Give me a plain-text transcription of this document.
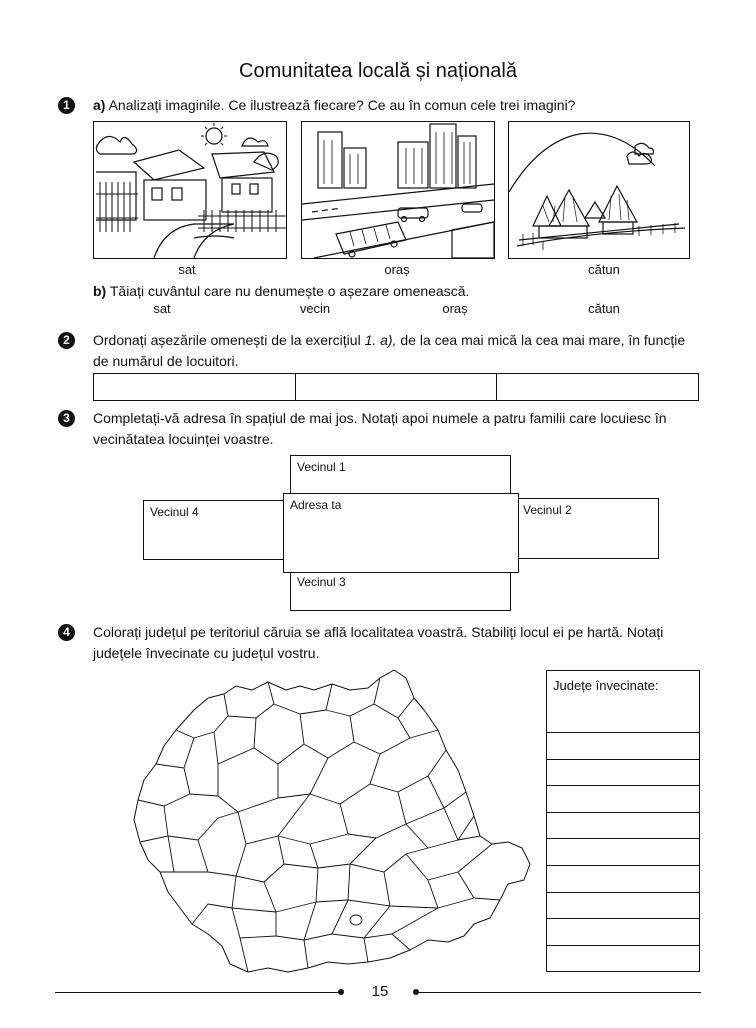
Comunitatea locală și națională
1	a) Analizați imaginile. Ce ilustrează fiecare? Ce au în comun cele trei imagini?
sat	oraș	cătun
b) Tăiați cuvântul care nu denumește o așezare omenească.
sat	vecin	oraș	cătun
2	Ordonați așezările omenești de la exercițiul 1. a), de la cea mai mică la cea mai mare, în funcție
de numărul de locuitori.
3	Completați-vă adresa în spațiul de mai jos. Notați apoi numele a patru familii care locuiesc în
vecinătatea locuinței voastre.
Vecinul 1
Vecinul 4	Vecinul 2
Vecinul 3
Adresa ta
4	Colorați județul pe teritoriul căruia se află localitatea voastră. Stabiliți locul ei pe hartă. Notați
județele învecinate cu județul vostru.
Județe învecinate:
15
